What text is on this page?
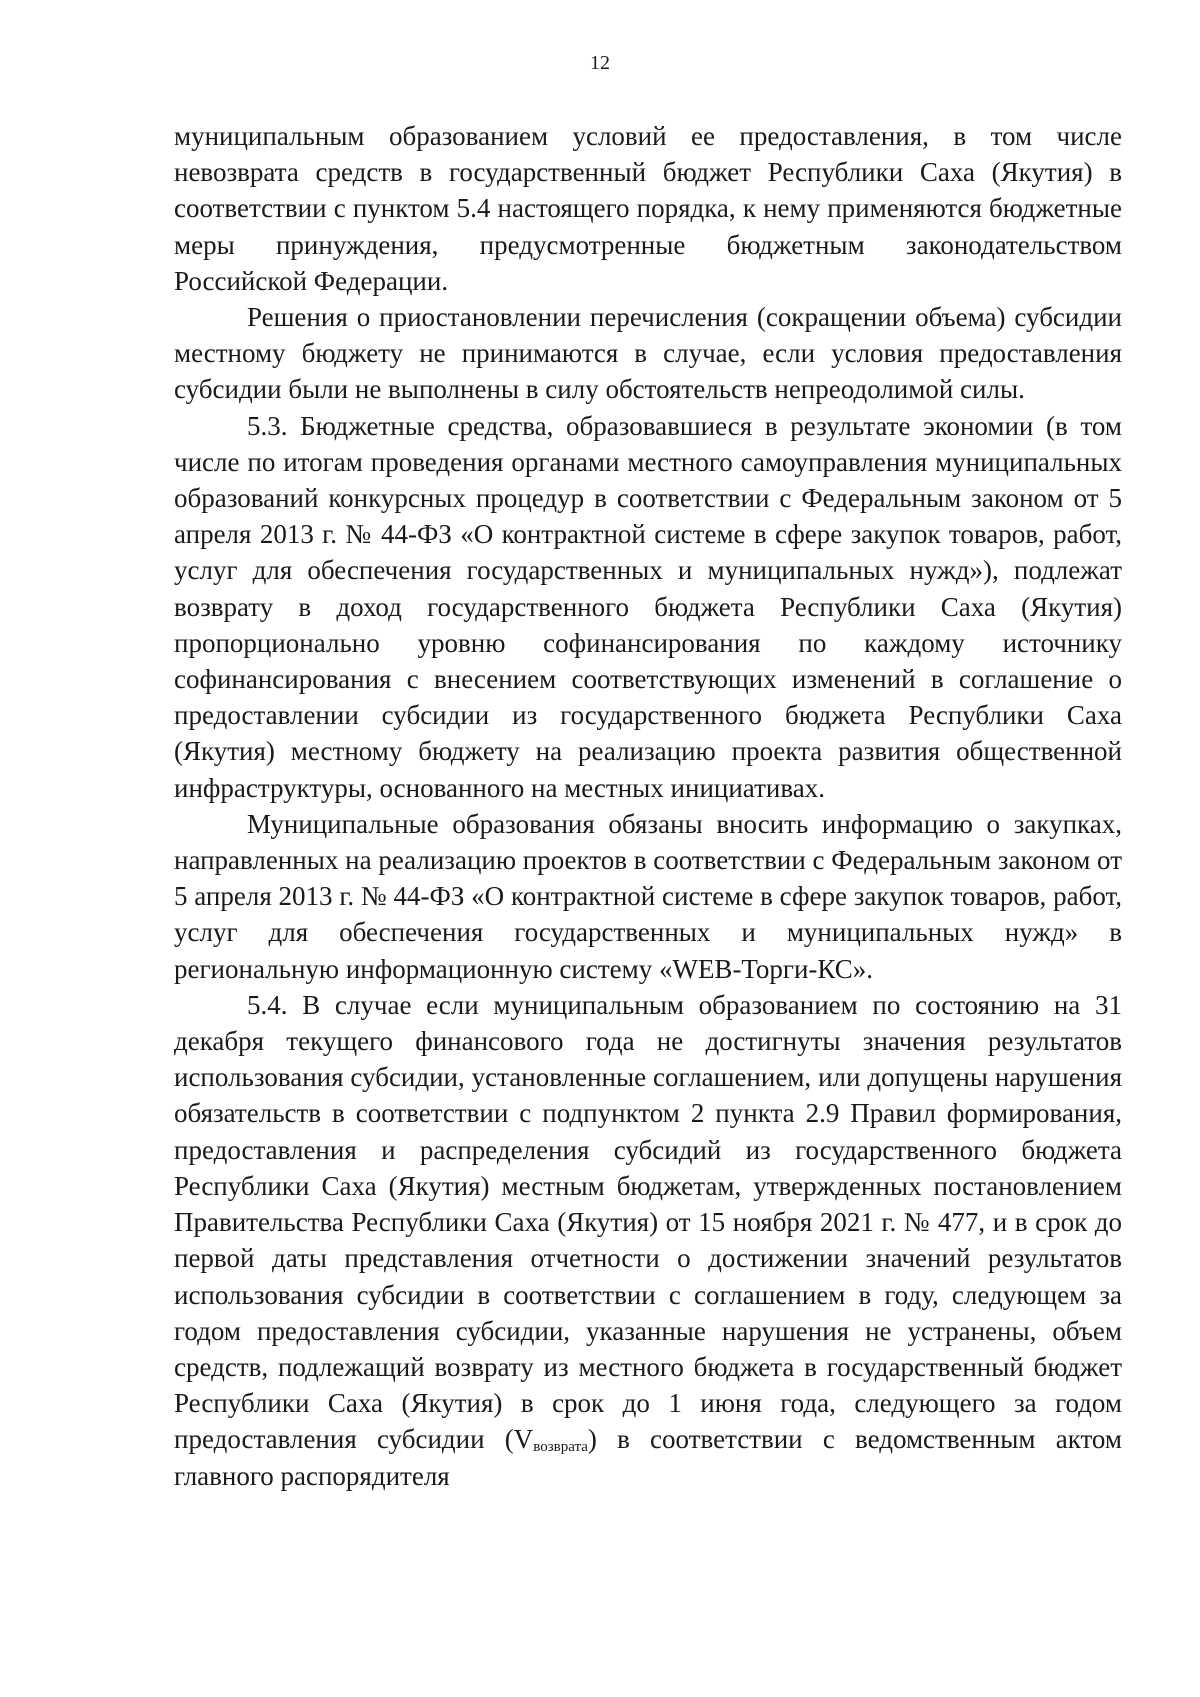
12

муниципальным образованием условий ее предоставления, в том числе невозврата средств в государственный бюджет Республики Саха (Якутия) в соответствии с пунктом 5.4 настоящего порядка, к нему применяются бюджетные меры принуждения, предусмотренные бюджетным законодательством Российской Федерации.

Решения о приостановлении перечисления (сокращении объема) субсидии местному бюджету не принимаются в случае, если условия предоставления субсидии были не выполнены в силу обстоятельств непреодолимой силы.

5.3. Бюджетные средства, образовавшиеся в результате экономии (в том числе по итогам проведения органами местного самоуправления муниципальных образований конкурсных процедур в соответствии с Федеральным законом от 5 апреля 2013 г. № 44-ФЗ «О контрактной системе в сфере закупок товаров, работ, услуг для обеспечения государственных и муниципальных нужд»), подлежат возврату в доход государственного бюджета Республики Саха (Якутия) пропорционально уровню софинансирования по каждому источнику софинансирования с внесением соответствующих изменений в соглашение о предоставлении субсидии из государственного бюджета Республики Саха (Якутия) местному бюджету на реализацию проекта развития общественной инфраструктуры, основанного на местных инициативах.

Муниципальные образования обязаны вносить информацию о закупках, направленных на реализацию проектов в соответствии с Федеральным законом от 5 апреля 2013 г. № 44-ФЗ «О контрактной системе в сфере закупок товаров, работ, услуг для обеспечения государственных и муниципальных нужд» в региональную информационную систему «WEB-Торги-КС».

5.4. В случае если муниципальным образованием по состоянию на 31 декабря текущего финансового года не достигнуты значения результатов использования субсидии, установленные соглашением, или допущены нарушения обязательств в соответствии с подпунктом 2 пункта 2.9 Правил формирования, предоставления и распределения субсидий из государственного бюджета Республики Саха (Якутия) местным бюджетам, утвержденных постановлением Правительства Республики Саха (Якутия) от 15 ноября 2021 г. № 477, и в срок до первой даты представления отчетности о достижении значений результатов использования субсидии в соответствии с соглашением в году, следующем за годом предоставления субсидии, указанные нарушения не устранены, объем средств, подлежащий возврату из местного бюджета в государственный бюджет Республики Саха (Якутия) в срок до 1 июня года, следующего за годом предоставления субсидии $(V_{возврата})$ в соответствии с ведомственным актом главного распорядителя
